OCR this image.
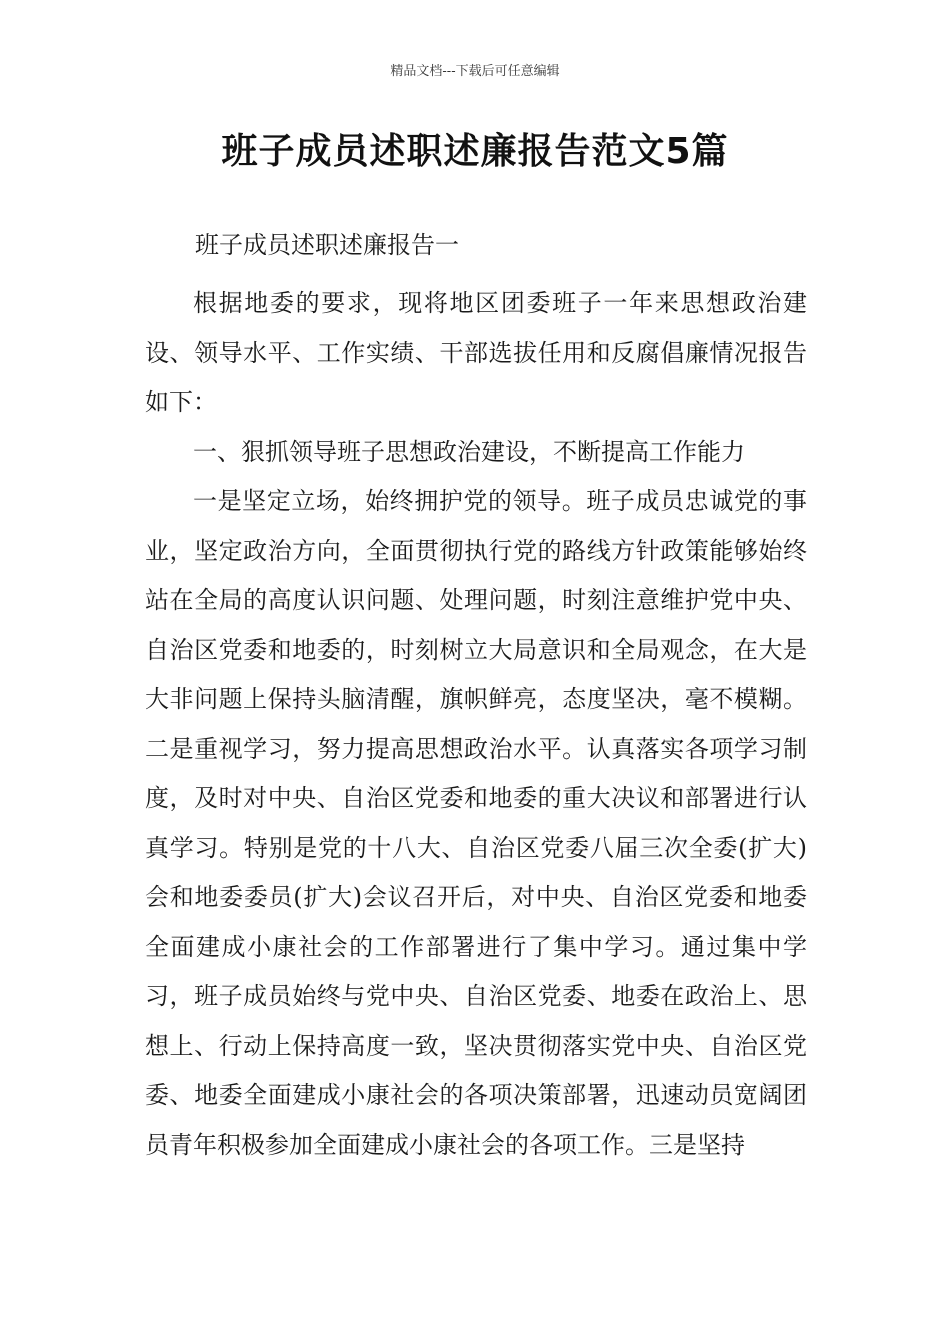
精品文档---下载后可任意编辑
班子成员述职述廉报告范文5篇
班子成员述职述廉报告一

根据地委的要求，现将地区团委班子一年来思想政治建设、领导水平、工作实绩、干部选拔任用和反腐倡廉情况报告如下：

一、狠抓领导班子思想政治建设，不断提高工作能力

一是坚定立场，始终拥护党的领导。班子成员忠诚党的事业，坚定政治方向，全面贯彻执行党的路线方针政策能够始终站在全局的高度认识问题、处理问题，时刻注意维护党中央、自治区党委和地委的，时刻树立大局意识和全局观念，在大是大非问题上保持头脑清醒，旗帜鲜亮，态度坚决，毫不模糊。二是重视学习，努力提高思想政治水平。认真落实各项学习制度，及时对中央、自治区党委和地委的重大决议和部署进行认真学习。特别是党的十八大、自治区党委八届三次全委(扩大)会和地委委员(扩大)会议召开后，对中央、自治区党委和地委全面建成小康社会的工作部署进行了集中学习。通过集中学习，班子成员始终与党中央、自治区党委、地委在政治上、思想上、行动上保持高度一致，坚决贯彻落实党中央、自治区党委、地委全面建成小康社会的各项决策部署，迅速动员宽阔团员青年积极参加全面建成小康社会的各项工作。三是坚持
